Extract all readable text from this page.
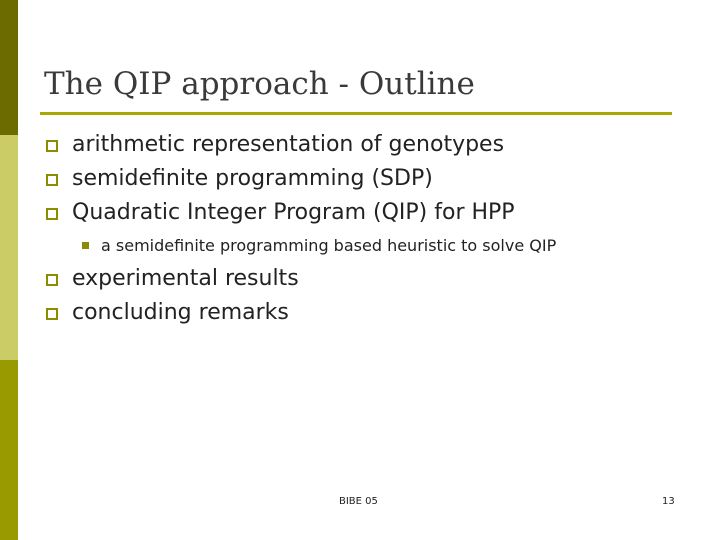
The QIP approach - Outline
arithmetic representation of genotypes
semidefinite programming (SDP)
Quadratic Integer Program (QIP) for HPP
a semidefinite programming based heuristic to solve QIP
experimental results
concluding remarks
BIBE 05	13
